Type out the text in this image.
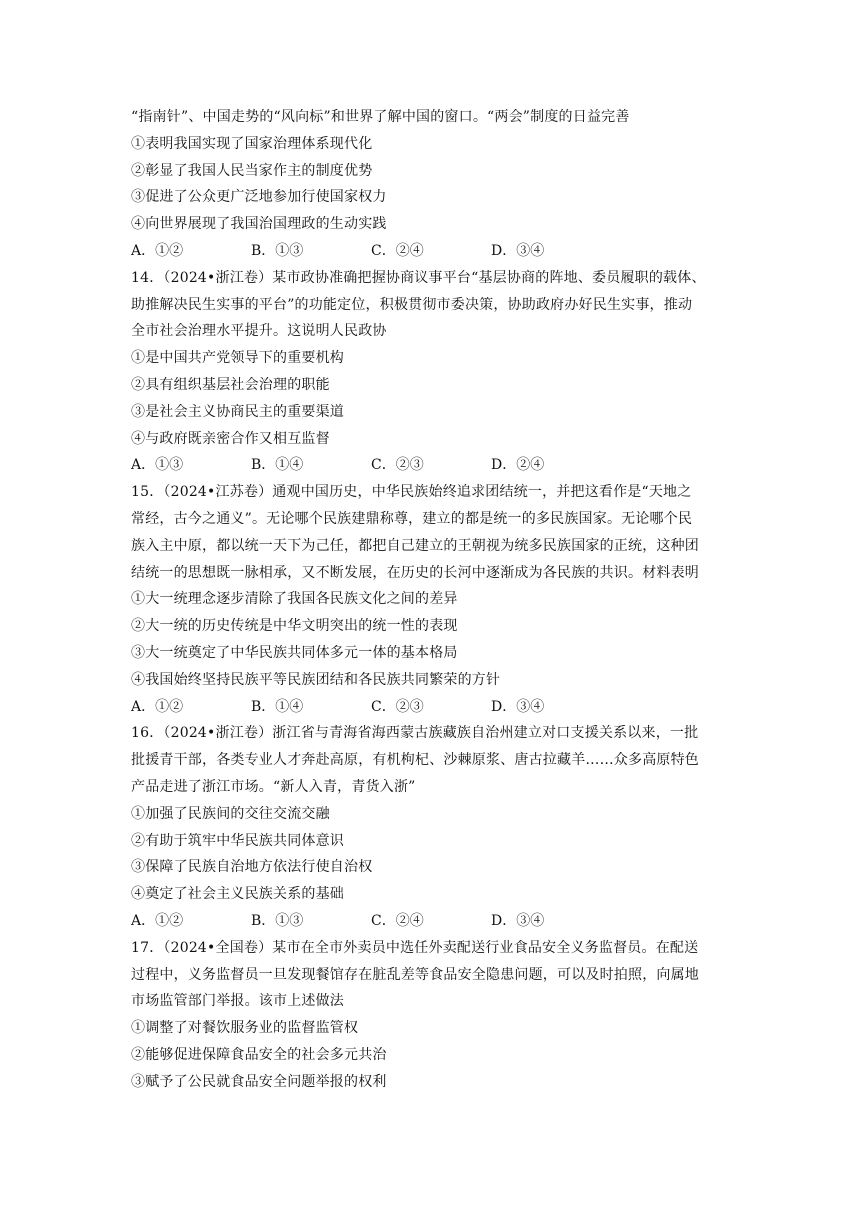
“指南针”、中国走势的“风向标”和世界了解中国的窗口。“两会”制度的日益完善
①表明我国实现了国家治理体系现代化
②彰显了我国人民当家作主的制度优势
③促进了公众更广泛地参加行使国家权力
④向世界展现了我国治国理政的生动实践
A．①②	B．①③	C．②④	D．③④
14．（2024•浙江卷）某市政协准确把握协商议事平台“基层协商的阵地、委员履职的载体、
助推解决民生实事的平台”的功能定位，积极贯彻市委决策，协助政府办好民生实事，推动
全市社会治理水平提升。这说明人民政协
①是中国共产党领导下的重要机构
②具有组织基层社会治理的职能
③是社会主义协商民主的重要渠道
④与政府既亲密合作又相互监督
A．①③	B．①④	C．②③	D．②④
15．（2024•江苏卷）通观中国历史，中华民族始终追求团结统一，并把这看作是“天地之
常经，古今之通义”。无论哪个民族建鼎称尊，建立的都是统一的多民族国家。无论哪个民
族入主中原，都以统一天下为己任，都把自己建立的王朝视为统多民族国家的正统，这种团
结统一的思想既一脉相承，又不断发展，在历史的长河中逐渐成为各民族的共识。材料表明
①大一统理念逐步清除了我国各民族文化之间的差异
②大一统的历史传统是中华文明突出的统一性的表现
③大一统奠定了中华民族共同体多元一体的基本格局
④我国始终坚持民族平等民族团结和各民族共同繁荣的方针
A．①②	B．①④	C．②③	D．③④
16．（2024•浙江卷）浙江省与青海省海西蒙古族藏族自治州建立对口支援关系以来，一批
批援青干部，各类专业人才奔赴高原，有机枸杞、沙棘原浆、唐古拉藏羊……众多高原特色
产品走进了浙江市场。“新人入青，青货入浙”
①加强了民族间的交往交流交融
②有助于筑牢中华民族共同体意识
③保障了民族自治地方依法行使自治权
④奠定了社会主义民族关系的基础
A．①②	B．①③	C．②④	D．③④
17．（2024•全国卷）某市在全市外卖员中选任外卖配送行业食品安全义务监督员。在配送
过程中，义务监督员一旦发现餐馆存在脏乱差等食品安全隐患问题，可以及时拍照，向属地
市场监管部门举报。该市上述做法
①调整了对餐饮服务业的监督监管权
②能够促进保障食品安全的社会多元共治
③赋予了公民就食品安全问题举报的权利
